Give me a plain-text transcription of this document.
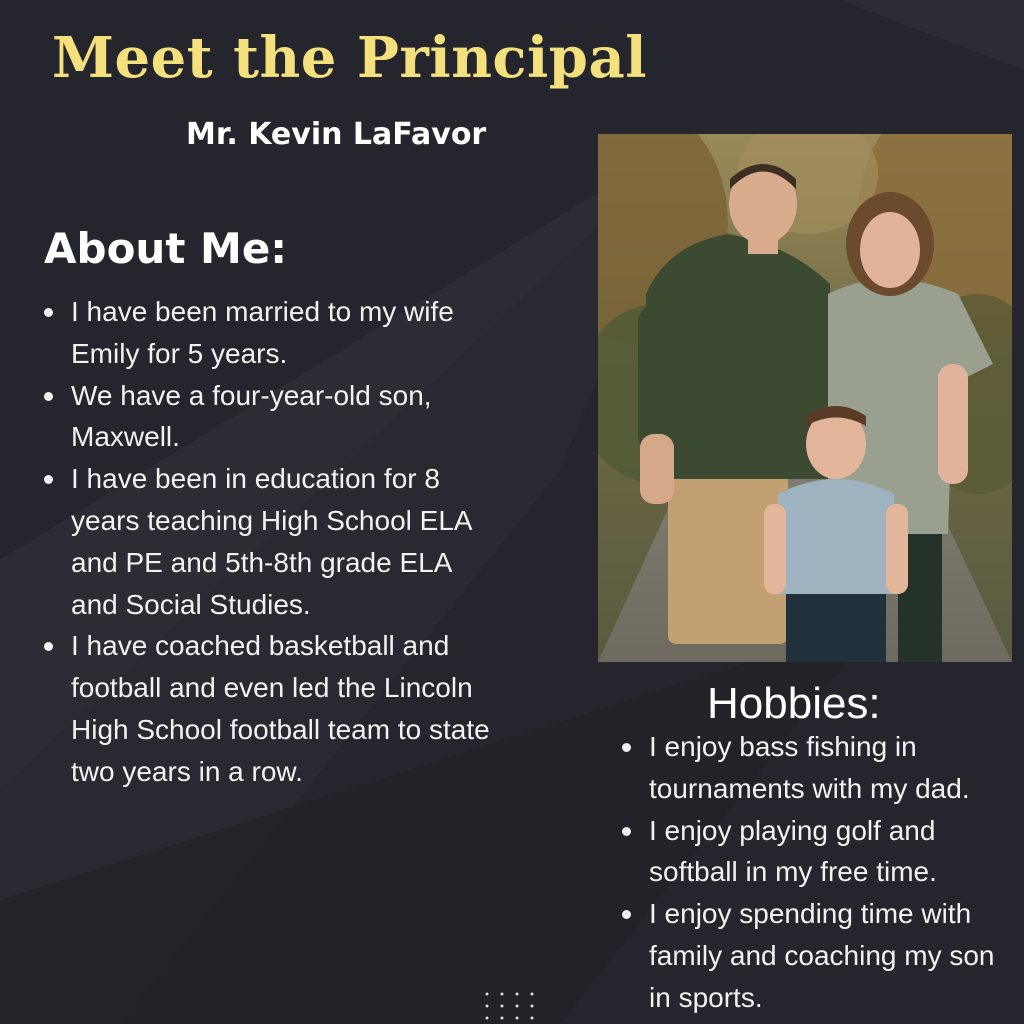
Meet the Principal
Mr. Kevin LaFavor
About Me:
I have been married to my wife Emily for 5 years.
We have a four-year-old son, Maxwell.
I have been in education for 8 years teaching High School ELA and PE and 5th-8th grade ELA and Social Studies.
I have coached basketball and football and even led the Lincoln High School football team to state two years in a row.
Hobbies:
I enjoy bass fishing in tournaments with my dad.
I enjoy playing golf and softball in my free time.
I enjoy spending time with family and coaching my son in sports.
